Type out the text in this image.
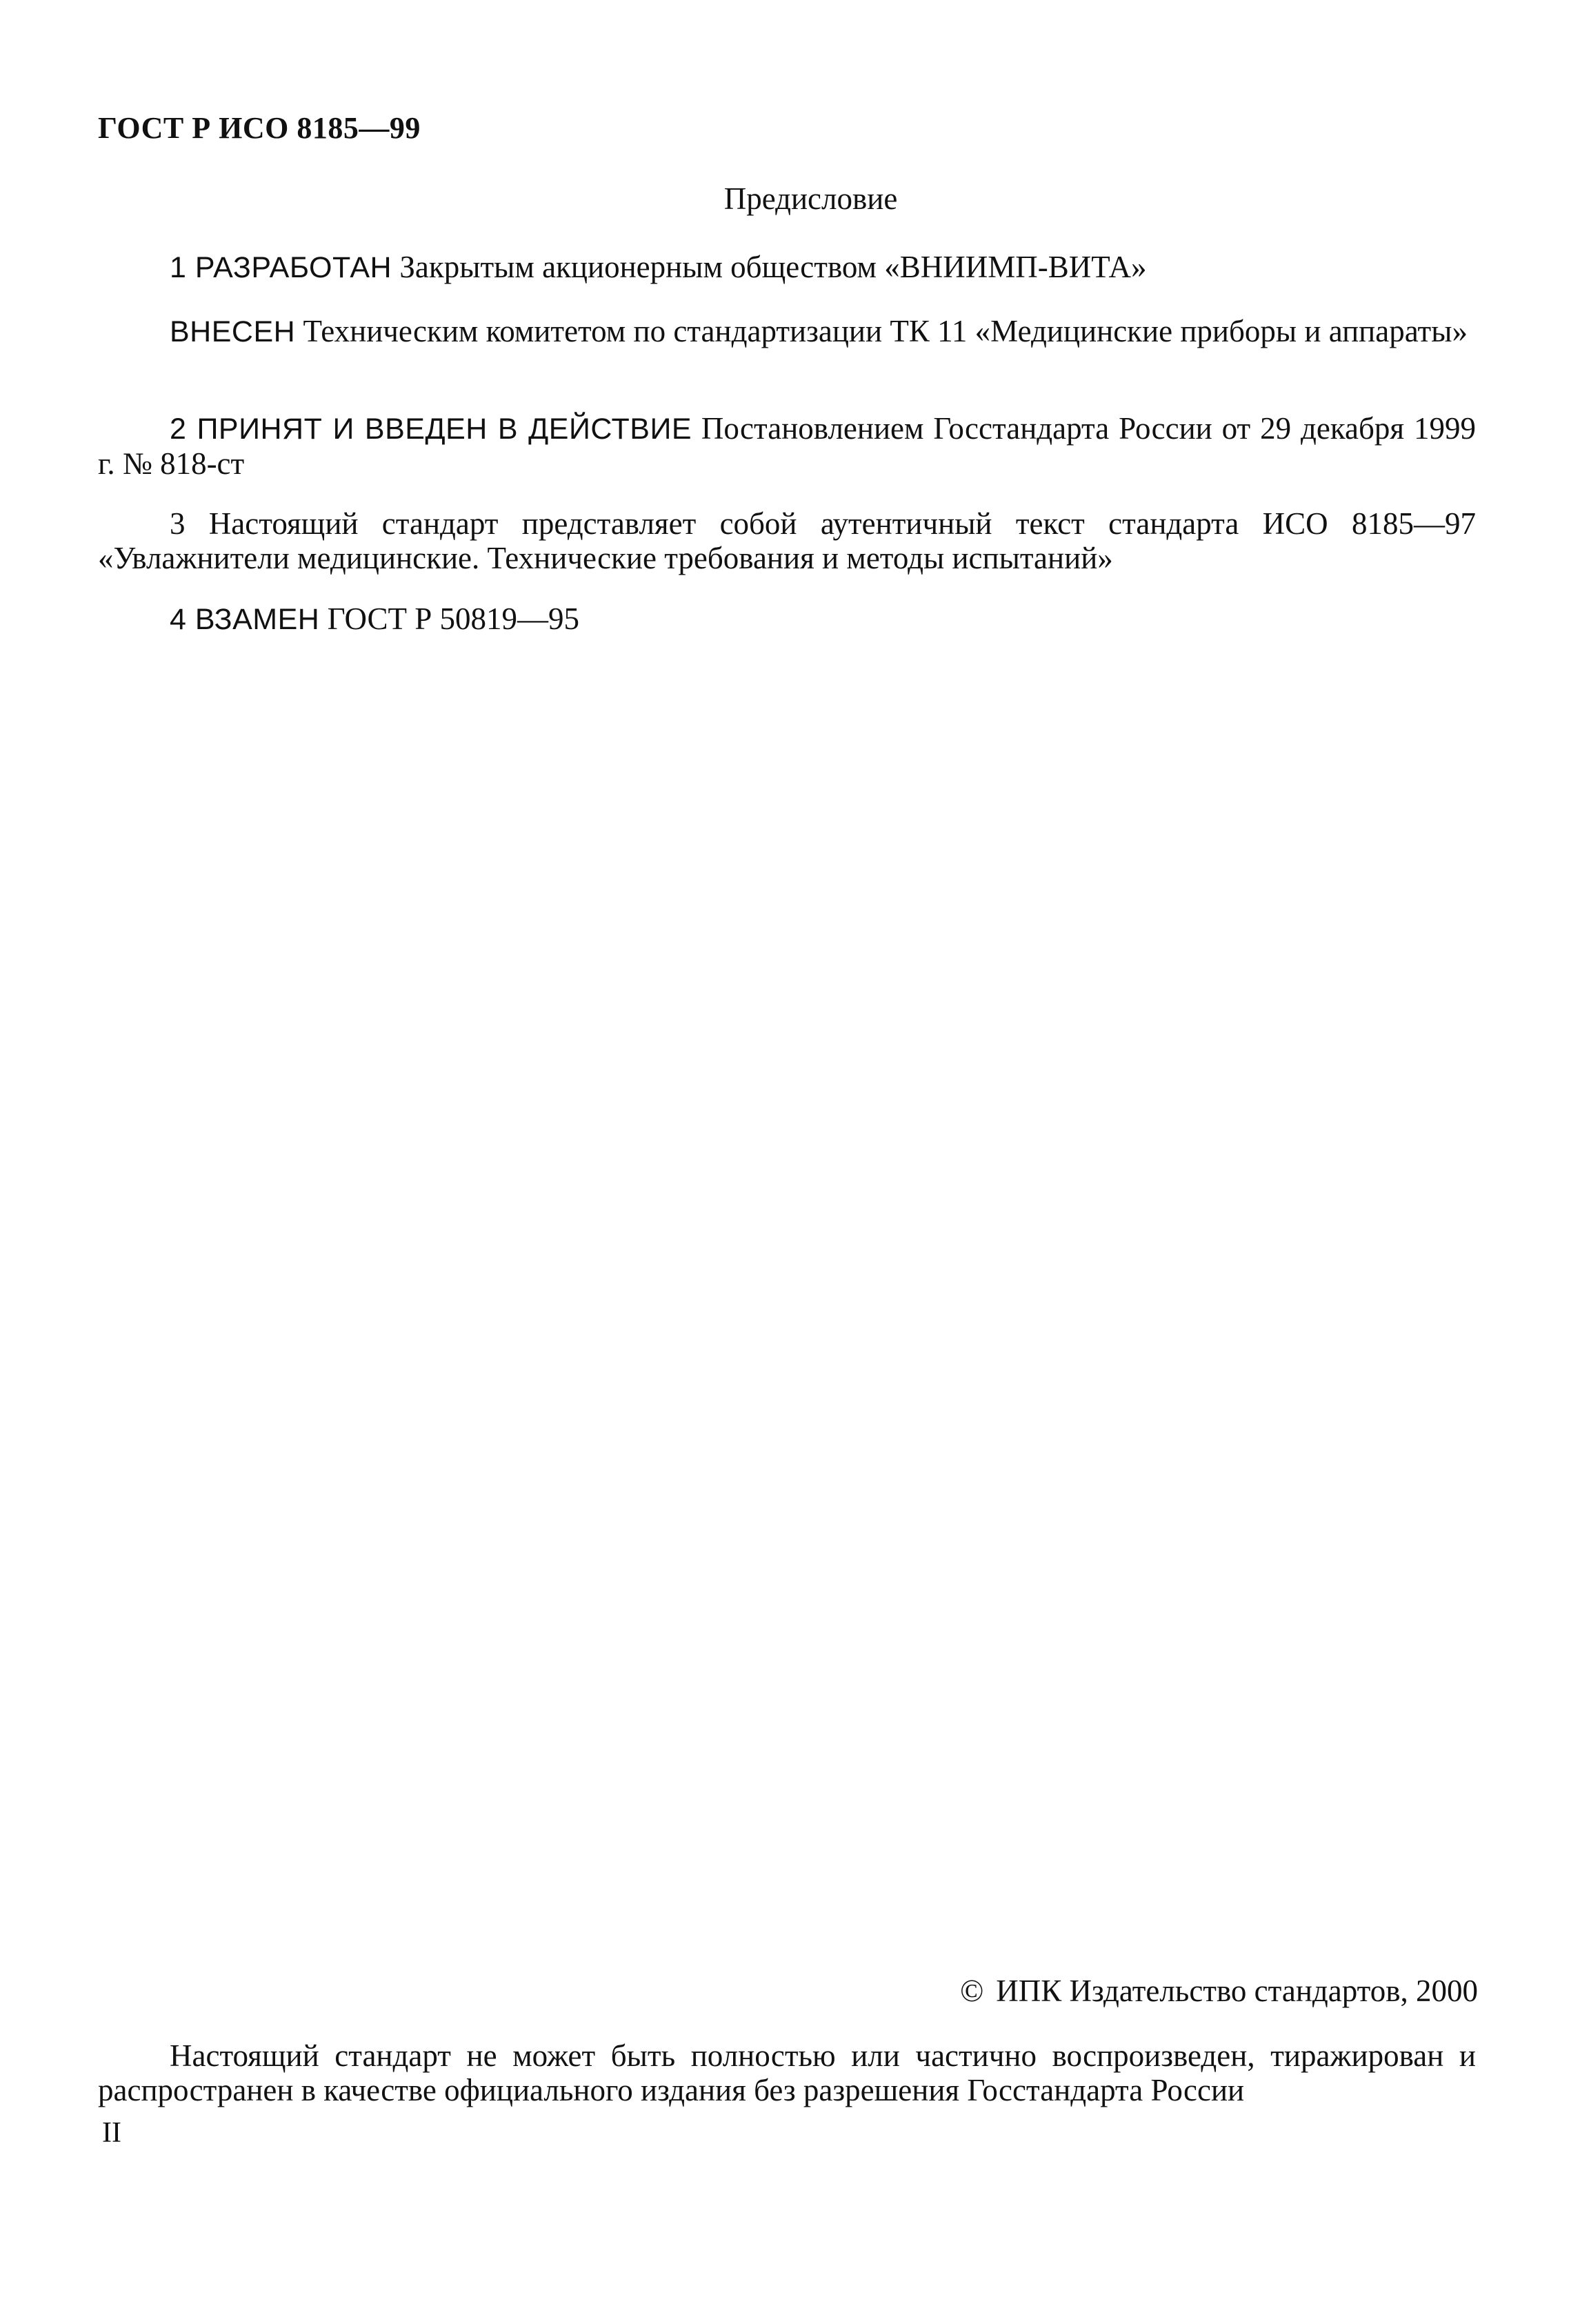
ГОСТ Р ИСО 8185—99
Предисловие

1 РАЗРАБОТАН Закрытым акционерным обществом «ВНИИМП-ВИТА»

ВНЕСЕН Техническим комитетом по стандартизации ТК 11 «Медицинские приборы и аппараты»

2 ПРИНЯТ И ВВЕДЕН В ДЕЙСТВИЕ Постановлением Госстандарта России от 29 декабря 1999 г. № 818-ст

3 Настоящий стандарт представляет собой аутентичный текст стандарта ИСО 8185—97 «Увлажнители медицинские. Технические требования и методы испытаний»

4 ВЗАМЕН ГОСТ Р 50819—95

© ИПК Издательство стандартов, 2000

Настоящий стандарт не может быть полностью или частично воспроизведен, тиражирован и распространен в качестве официального издания без разрешения Госстандарта России

II
